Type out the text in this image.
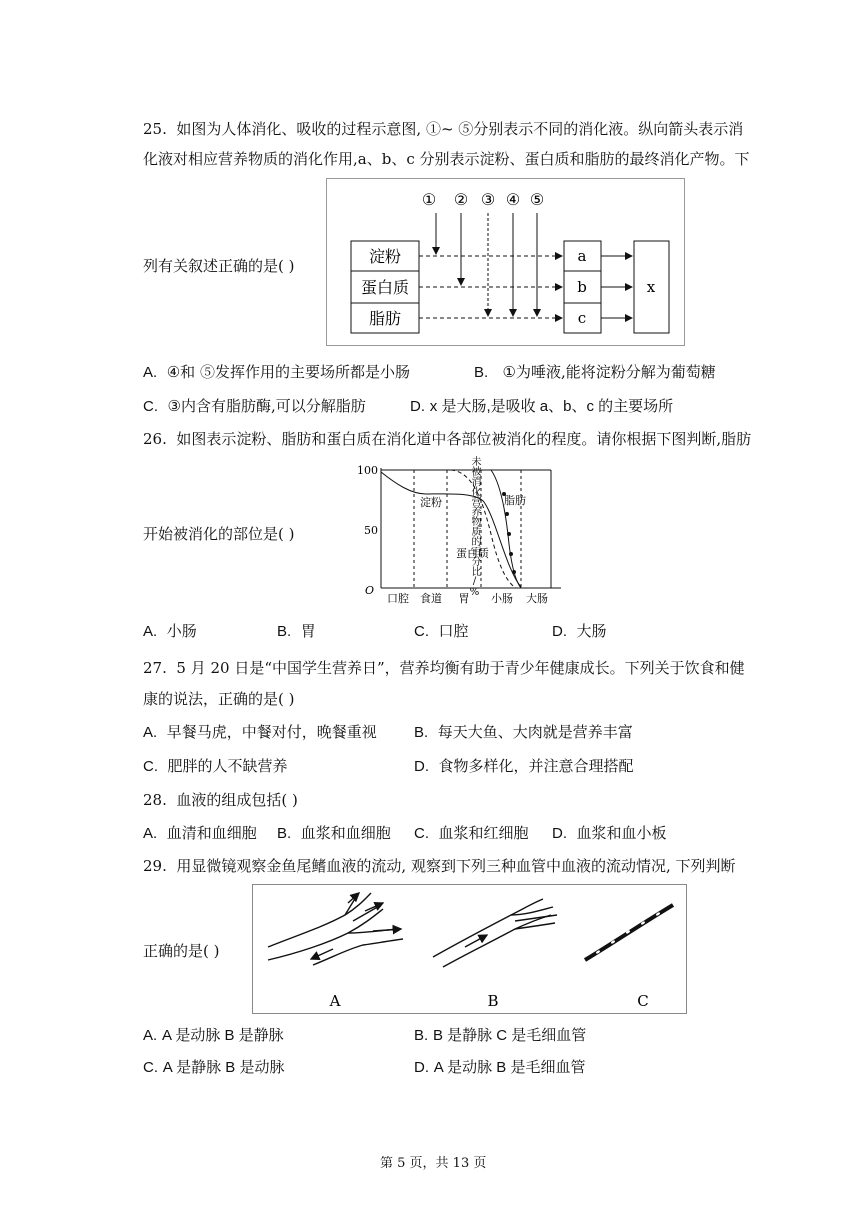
25. 如图为人体消化、吸收的过程示意图, ①~ ⑤分别表示不同的消化液。纵向箭头表示消
化液对相应营养物质的消化作用,a、b、c 分别表示淀粉、蛋白质和脂肪的最终消化产物。下
① ② ③ ④ ⑤
淀粉
蛋白质
脂肪
a
b
c
x
列有关叙述正确的是( )
A. ④和 ⑤发挥作用的主要场所都是小肠	B. ①为唾液,能将淀粉分解为葡萄糖
C. ③内含有脂肪酶,可以分解脂肪	D. x 是大肠,是吸收 a、b、c 的主要场所
26. 如图表示淀粉、脂肪和蛋白质在消化道中各部位被消化的程度。请你根据下图判断,脂肪
未被消化营养物质的百分比/%
100
50
O
淀粉	脂肪
蛋白质
口腔 食道 胃 小肠 大肠
开始被消化的部位是( )
A. 小肠	B. 胃	C. 口腔	D. 大肠
27. 5 月 20 日是“中国学生营养日”，营养均衡有助于青少年健康成长。下列关于饮食和健
康的说法，正确的是( )
A. 早餐马虎，中餐对付，晚餐重视 B. 每天大鱼、大肉就是营养丰富
C. 肥胖的人不缺营养	D. 食物多样化，并注意合理搭配
28. 血液的组成包括( )
A. 血清和血细胞 B. 血浆和血细胞 C. 血浆和红细胞 D. 血浆和血小板
29. 用显微镜观察金鱼尾鳍血液的流动, 观察到下列三种血管中血液的流动情况, 下列判断
A	B	C
正确的是( )
A. A 是动脉 B 是静脉	B. B 是静脉 C 是毛细血管
C. A 是静脉 B 是动脉	D. A 是动脉 B 是毛细血管
第 5 页，共 13 页
